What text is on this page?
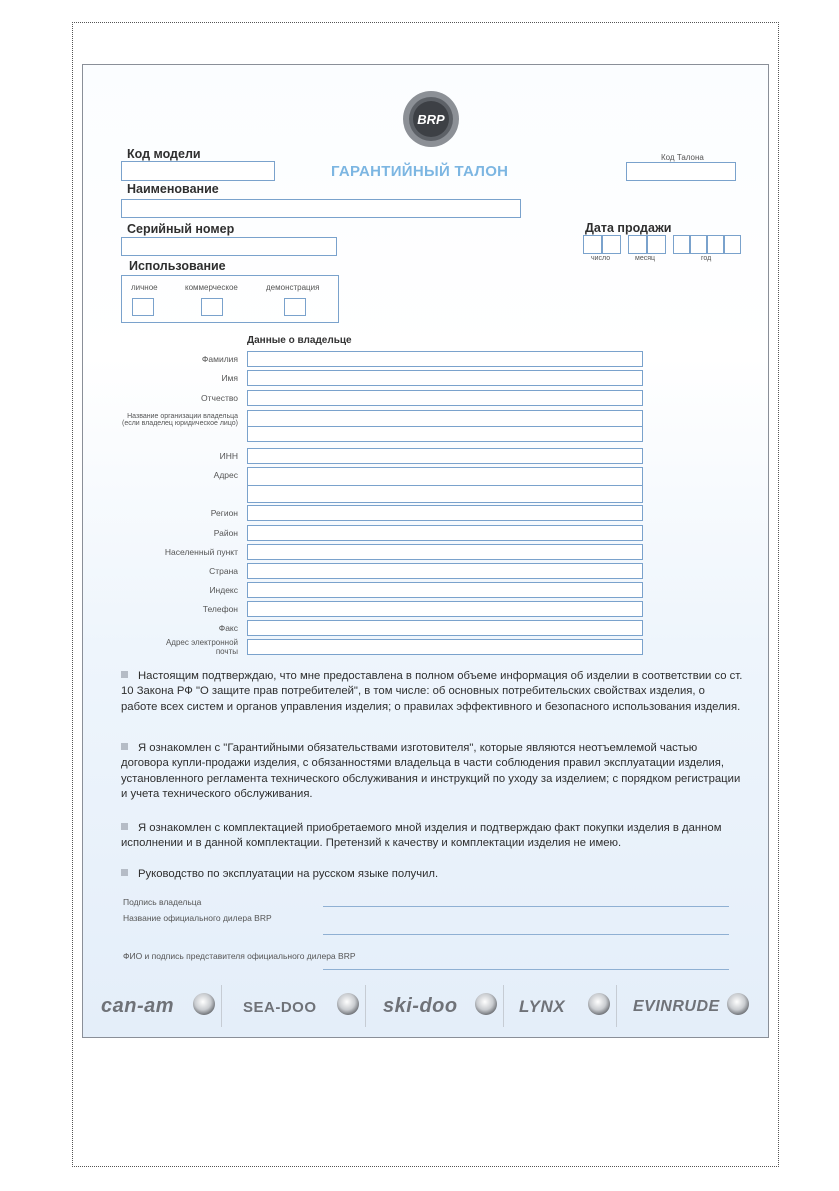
BRP
Код модели
ГАРАНТИЙНЫЙ ТАЛОН
Код Талона
Наименование
Серийный номер	Дата продажи
число	месяц	год
Использование
личное	коммерческое	демонстрация
Данные о владельце
Фамилия
Имя
Отчество
Название организации владельца (если владелец юридическое лицо)
ИНН
Адрес
Регион
Район
Населенный пункт
Страна
Индекс
Телефон
Факс
Адрес электронной почты
Настоящим подтверждаю, что мне предоставлена в полном объеме информация об изделии в соответствии со ст. 10 Закона РФ "О защите прав потребителей", в том числе: об основных потребительских свойствах изделия, о работе всех систем и органов управления изделия; о правилах эффективного и безопасного использования изделия.
Я ознакомлен с "Гарантийными обязательствами изготовителя", которые являются неотъемлемой частью договора купли-продажи изделия, с обязанностями владельца в части соблюдения правил эксплуатации изделия, установленного регламента технического обслуживания и инструкций по уходу за изделием; с порядком регистрации и учета технического обслуживания.
Я ознакомлен с комплектацией приобретаемого мной изделия и подтверждаю факт покупки изделия в данном исполнении и в данной комплектации. Претензий к качеству и комплектации изделия не имею.
Руководство по эксплуатации на русском языке получил.
Подпись владельца
Название официального дилера BRP
ФИО и подпись представителя официального дилера BRP
can-am	SEA-DOO	ski-doo	LYNX	EVINRUDE
